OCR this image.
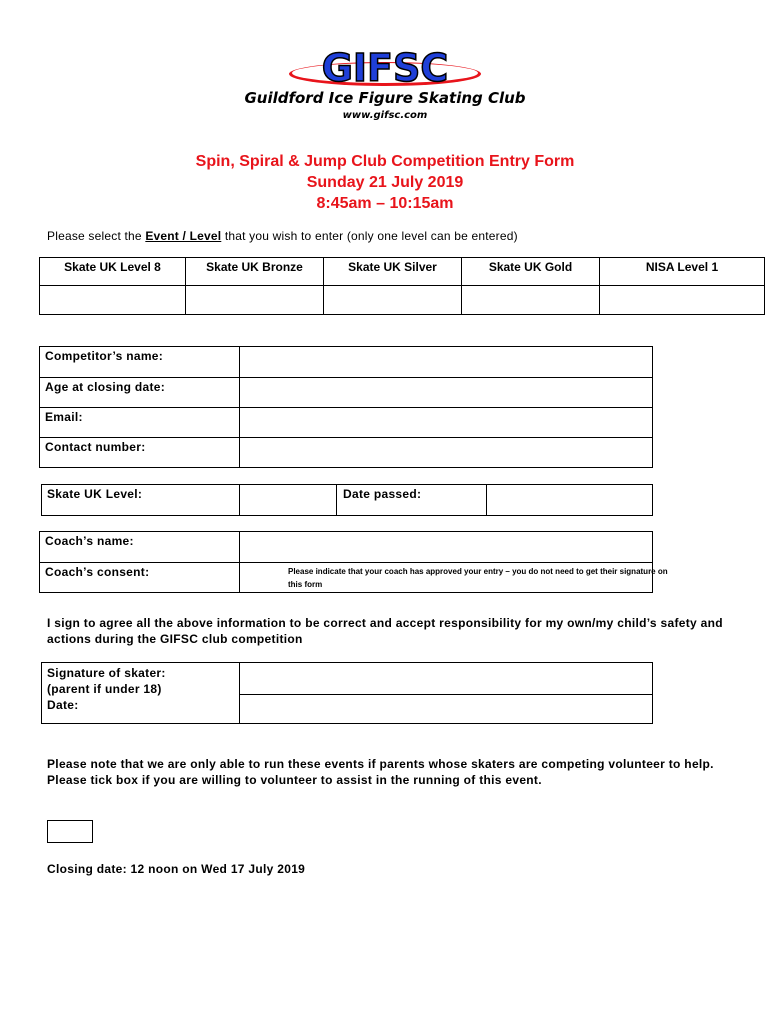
GIFSC
Guildford Ice Figure Skating Club
www.gifsc.com
Spin, Spiral & Jump Club Competition Entry Form
Sunday 21 July 2019
8:45am – 10:15am
Please select the Event / Level that you wish to enter (only one level can be entered)
Skate UK Level 8	Skate UK Bronze	Skate UK Silver	Skate UK Gold	NISA Level 1
Competitor’s name:
Age at closing date:
Email:
Contact number:
Skate UK Level:	Date passed:
Coach’s name:
Coach’s consent:	Please indicate that your coach has approved your entry – you do not need to get their signature on this form
I sign to agree all the above information to be correct and accept responsibility for my own/my child’s safety and actions during the GIFSC club competition
Signature of skater:
(parent if under 18)
Date:
Please note that we are only able to run these events if parents whose skaters are competing volunteer to help. Please tick box if you are willing to volunteer to assist in the running of this event.
Closing date: 12 noon on Wed 17 July 2019
